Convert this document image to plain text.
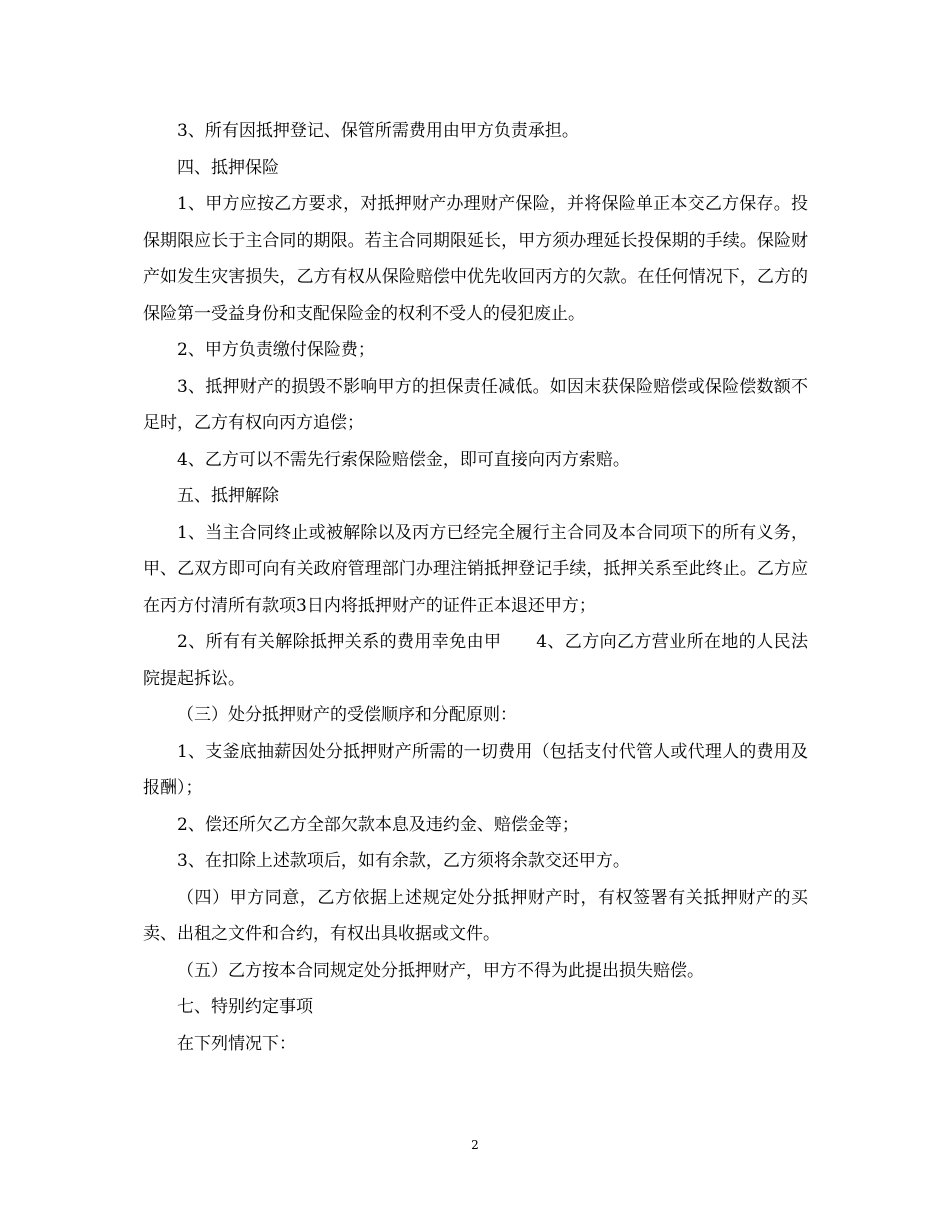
3、所有因抵押登记、保管所需费用由甲方负责承担。

四、抵押保险

1、甲方应按乙方要求，对抵押财产办理财产保险，并将保险单正本交乙方保存。投保期限应长于主合同的期限。若主合同期限延长，甲方须办理延长投保期的手续。保险财产如发生灾害损失，乙方有权从保险赔偿中优先收回丙方的欠款。在任何情况下，乙方的保险第一受益身份和支配保险金的权利不受人的侵犯废止。

2、甲方负责缴付保险费；

3、抵押财产的损毁不影响甲方的担保责任减低。如因末获保险赔偿或保险偿数额不足时，乙方有权向丙方追偿；

4、乙方可以不需先行索保险赔偿金，即可直接向丙方索赔。

五、抵押解除

1、当主合同终止或被解除以及丙方已经完全履行主合同及本合同项下的所有义务，甲、乙双方即可向有关政府管理部门办理注销抵押登记手续，抵押关系至此终止。乙方应在丙方付清所有款项3日内将抵押财产的证件正本退还甲方；

2、所有有关解除抵押关系的费用幸免由甲　　4、乙方向乙方营业所在地的人民法院提起拆讼。

（三）处分抵押财产的受偿顺序和分配原则：

1、支釜底抽薪因处分抵押财产所需的一切费用（包括支付代管人或代理人的费用及报酬）；

2、偿还所欠乙方全部欠款本息及违约金、赔偿金等；

3、在扣除上述款项后，如有余款，乙方须将余款交还甲方。

（四）甲方同意，乙方依据上述规定处分抵押财产时，有权签署有关抵押财产的买卖、出租之文件和合约，有权出具收据或文件。

（五）乙方按本合同规定处分抵押财产，甲方不得为此提出损失赔偿。

七、特别约定事项

在下列情况下：

2
